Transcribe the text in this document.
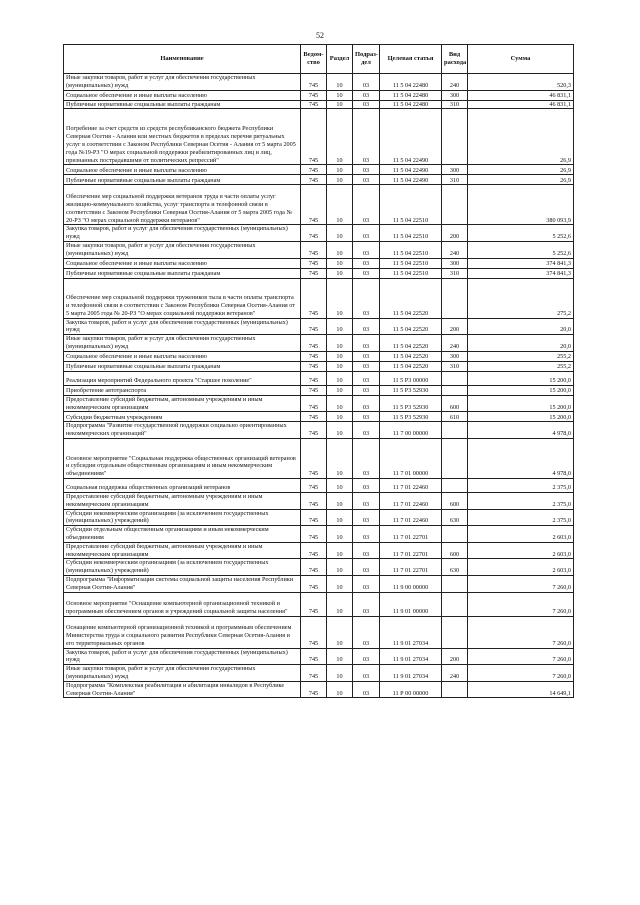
52
Наименование	Ведом-ство	Раздел	Подраз-дел	Целевая статья	Вид расхода	Сумма
Иные закупки товаров, работ и услуг для обеспечения государственных (муниципальных) нужд	745	10	03	11 5 04 22480	240	520,3
Социальное обеспечение и иные выплаты населению	745	10	03	11 5 04 22480	300	46 831,1
Публичные нормативные социальные выплаты гражданам	745	10	03	11 5 04 22480	310	46 831,1
Погребение за счет средств из средств республиканского бюджета Республики Северная Осетия - Алания или местных бюджетов в пределах перечня ритуальных услуг в соответствии с Законом Республики Северная Осетия - Алания от 5 марта 2005 года №19-РЗ "О мерах социальной поддержки реабилитированных лиц и лиц, признанных пострадавшими от политических репрессий"	745	10	03	11 5 04 22490		26,9
Социальное обеспечение и иные выплаты населению	745	10	03	11 5 04 22490	300	26,9
Публичные нормативные социальные выплаты гражданам	745	10	03	11 5 04 22490	310	26,9
Обеспечение мер социальной поддержки ветеранов труда в части оплаты услуг жилищно-коммунального хозяйства, услуг транспорта и телефонной связи в соответствии с Законом Республики Северная Осетия-Алания от 5 марта 2005 года № 20-РЗ "О мерах социальной поддержки ветеранов"	745	10	03	11 5 04 22510		380 093,9
Закупка товаров, работ и услуг для обеспечения государственных (муниципальных) нужд	745	10	03	11 5 04 22510	200	5 252,6
Иные закупки товаров, работ и услуг для обеспечения государственных (муниципальных) нужд	745	10	03	11 5 04 22510	240	5 252,6
Социальное обеспечение и иные выплаты населению	745	10	03	11 5 04 22510	300	374 841,3
Публичные нормативные социальные выплаты гражданам	745	10	03	11 5 04 22510	310	374 841,3
Обеспечение мер социальной поддержки тружеников тыла в части оплаты транспорта и телефонной связи в соответствии с Законом Республики Северная Осетия-Алания от 5 марта 2005 года № 20-РЗ "О мерах социальной поддержки ветеранов"	745	10	03	11 5 04 22520		275,2
Закупка товаров, работ и услуг для обеспечения государственных (муниципальных) нужд	745	10	03	11 5 04 22520	200	20,0
Иные закупки товаров, работ и услуг для обеспечения государственных (муниципальных) нужд	745	10	03	11 5 04 22520	240	20,0
Социальное обеспечение и иные выплаты населению	745	10	03	11 5 04 22520	300	255,2
Публичные нормативные социальные выплаты гражданам	745	10	03	11 5 04 22520	310	255,2
Реализация мероприятий Федерального проекта "Старшее поколение"	745	10	03	11 5 Р3 00000		15 200,0
Приобретение автотранспорта	745	10	03	11 5 Р3 52930		15 200,0
Предоставление субсидий бюджетным, автономным учреждениям и иным некоммерческим организациям	745	10	03	11 5 Р3 52930	600	15 200,0
Субсидии бюджетным учреждениям	745	10	03	11 5 Р3 52930	610	15 200,0
Подпрограмма "Развитие государственной поддержки социально ориентированных некоммерческих организаций"	745	10	03	11 7 00 00000		4 978,0
Основное мероприятие "Социальная поддержка общественных организаций ветеранов и субсидии отдельным общественным организациям и иным некоммерческим объединениям"	745	10	03	11 7 01 00000		4 978,0
Социальная поддержка общественных организаций ветеранов	745	10	03	11 7 01 22460		2 375,0
Предоставление субсидий бюджетным, автономным учреждениям и иным некоммерческим организациям	745	10	03	11 7 01 22460	600	2 375,0
Субсидии некоммерческим организациям (за исключением государственных (муниципальных) учреждений)	745	10	03	11 7 01 22460	630	2 375,0
Субсидии отдельным общественным организациям и иным некоммерческим объединениям	745	10	03	11 7 01 22701		2 603,0
Предоставление субсидий бюджетным, автономным учреждениям и иным некоммерческим организациям	745	10	03	11 7 01 22701	600	2 603,0
Субсидии некоммерческим организациям (за исключением государственных (муниципальных) учреждений)	745	10	03	11 7 01 22701	630	2 603,0
Подпрограмма "Информатизация системы социальной защиты населения Республики Северная Осетия-Алания"	745	10	03	11 9 00 00000		7 260,0
Основное мероприятие "Оснащение компьютерной организационной техникой и программным обеспечением органов и учреждений социальной защиты населения"	745	10	03	11 9 01 00000		7 260,0
Оснащение компьютерной организационной техникой и программным обеспечением Министерства труда и социального развития Республики Северная Осетия-Алания и его территориальных органов	745	10	03	11 9 01 27034		7 260,0
Закупка товаров, работ и услуг для обеспечения государственных (муниципальных) нужд	745	10	03	11 9 01 27034	200	7 260,0
Иные закупки товаров, работ и услуг для обеспечения государственных (муниципальных) нужд	745	10	03	11 9 01 27034	240	7 260,0
Подпрограмма "Комплексная реабилитация и абилитация инвалидов в Республике Северная Осетия-Алания"	745	10	03	11 Р 00 00000		14 649,1
